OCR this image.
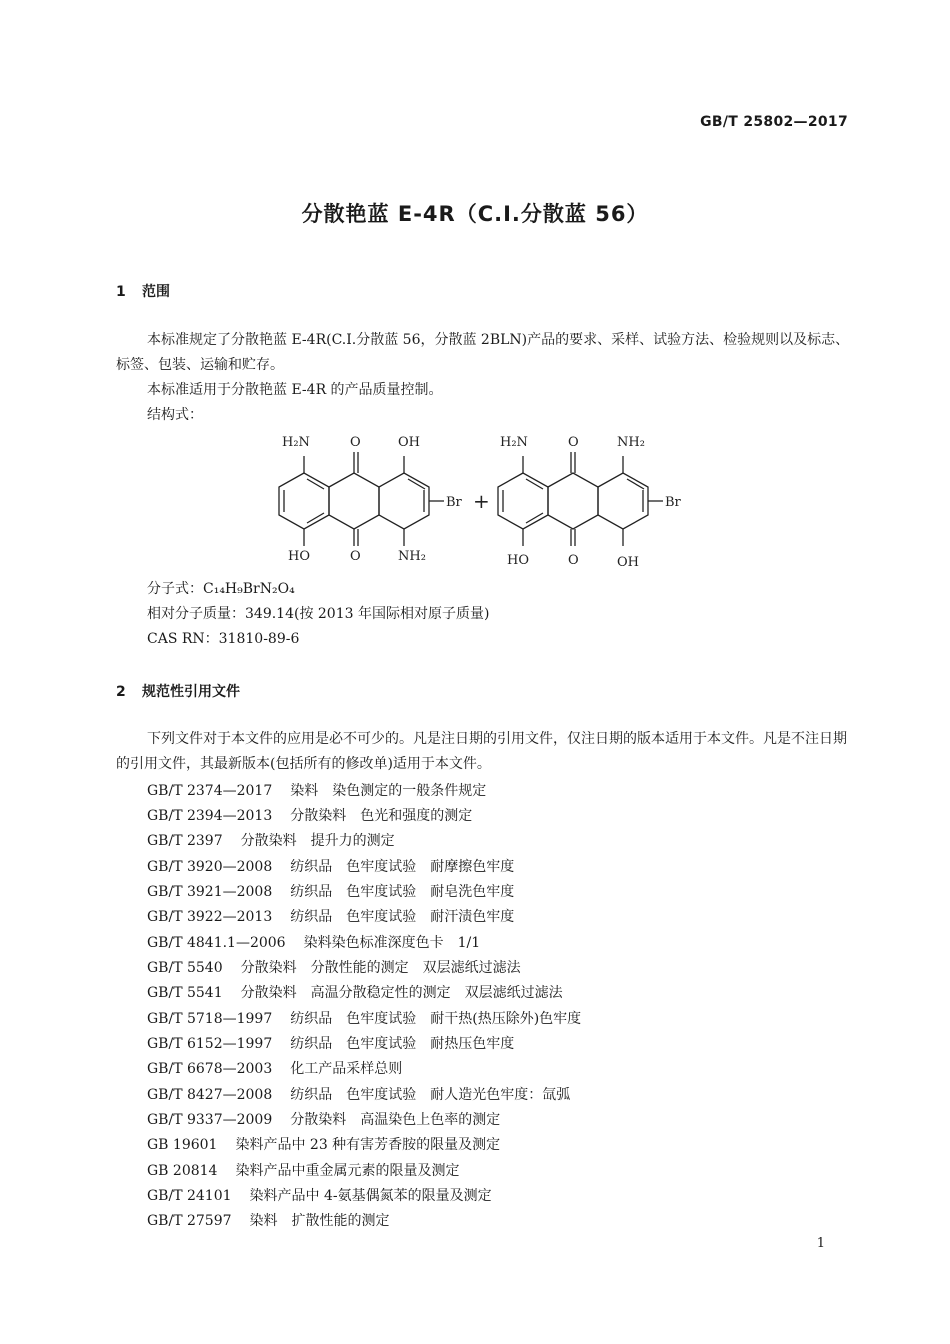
GB/T 25802—2017
分散艳蓝 E-4R（C.I.分散蓝 56）
1 范围

本标准规定了分散艳蓝 E-4R(C.I.分散蓝 56，分散蓝 2BLN)产品的要求、采样、试验方法、检验规则以及标志、标签、包装、运输和贮存。

本标准适用于分散艳蓝 E-4R 的产品质量控制。
结构式：
H₂N	O	OH
HO	O	NH₂
Br +
H₂N	O	NH₂
HO	O	OH
Br
分子式：C₁₄H₉BrN₂O₄
相对分子质量：349.14(按 2013 年国际相对原子质量)
CAS RN：31810-89-6
2 规范性引用文件

下列文件对于本文件的应用是必不可少的。凡是注日期的引用文件，仅注日期的版本适用于本文件。凡是不注日期的引用文件，其最新版本(包括所有的修改单)适用于本文件。

GB/T 2374—2017 染料　染色测定的一般条件规定
GB/T 2394—2013 分散染料　色光和强度的测定
GB/T 2397 分散染料　提升力的测定
GB/T 3920—2008 纺织品　色牢度试验　耐摩擦色牢度
GB/T 3921—2008 纺织品　色牢度试验　耐皂洗色牢度
GB/T 3922—2013 纺织品　色牢度试验　耐汗渍色牢度
GB/T 4841.1—2006 染料染色标准深度色卡　1/1
GB/T 5540 分散染料　分散性能的测定　双层滤纸过滤法
GB/T 5541 分散染料　高温分散稳定性的测定　双层滤纸过滤法
GB/T 5718—1997 纺织品　色牢度试验　耐干热(热压除外)色牢度
GB/T 6152—1997 纺织品　色牢度试验　耐热压色牢度
GB/T 6678—2003 化工产品采样总则
GB/T 8427—2008 纺织品　色牢度试验　耐人造光色牢度：氙弧
GB/T 9337—2009 分散染料　高温染色上色率的测定
GB 19601 染料产品中 23 种有害芳香胺的限量及测定
GB 20814 染料产品中重金属元素的限量及测定
GB/T 24101 染料产品中 4-氨基偶氮苯的限量及测定
GB/T 27597 染料　扩散性能的测定
1
